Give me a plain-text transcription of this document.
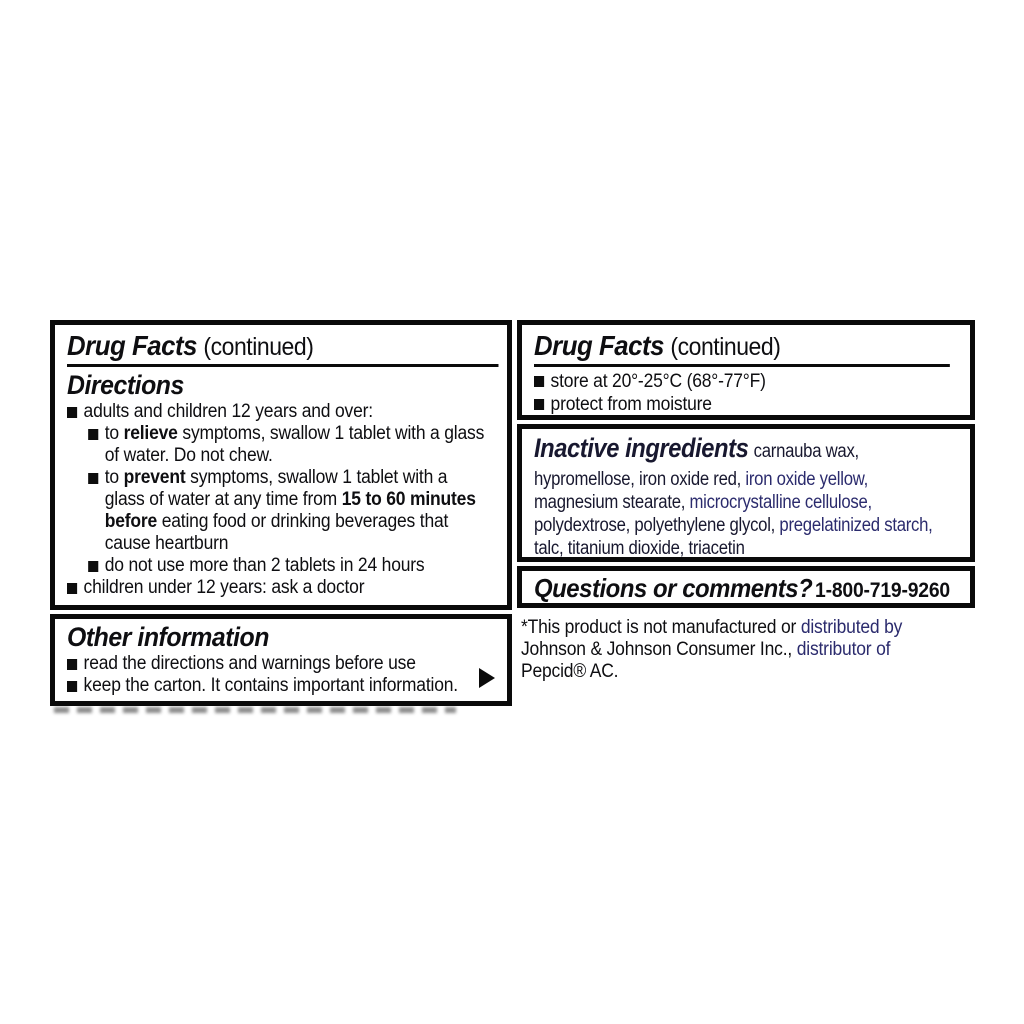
Drug Facts (continued)
Directions
adults and children 12 years and over:
to relieve symptoms, swallow 1 tablet with a glass
of water. Do not chew.
to prevent symptoms, swallow 1 tablet with a
glass of water at any time from 15 to 60 minutes
before eating food or drinking beverages that
cause heartburn
do not use more than 2 tablets in 24 hours
children under 12 years: ask a doctor
Other information
read the directions and warnings before use
keep the carton. It contains important information.
Drug Facts (continued)
store at 20°-25°C (68°-77°F)
protect from moisture
Inactive ingredients carnauba wax,
hypromellose, iron oxide red, iron oxide yellow,
magnesium stearate, microcrystalline cellulose,
polydextrose, polyethylene glycol, pregelatinized starch,
talc, titanium dioxide, triacetin
Questions or comments? 1-800-719-9260
*This product is not manufactured or distributed by
Johnson & Johnson Consumer Inc., distributor of
Pepcid® AC.
